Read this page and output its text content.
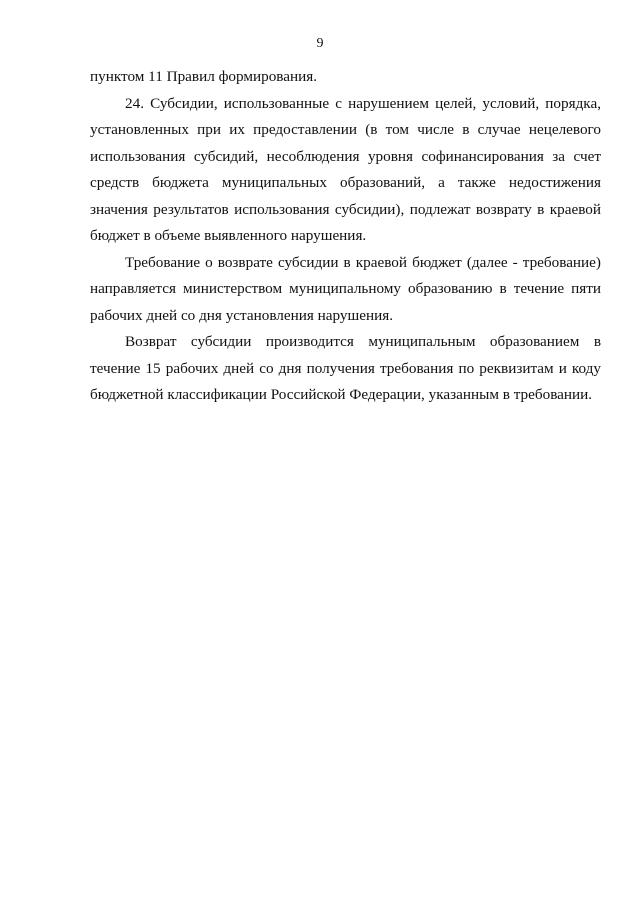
9

пунктом 11 Правил формирования.

24. Субсидии, использованные с нарушением целей, условий, порядка, установленных при их предоставлении (в том числе в случае нецелевого использования субсидий, несоблюдения уровня софинансирования за счет средств бюджета муниципальных образований, а также недостижения значения результатов использования субсидии), подлежат возврату в краевой бюджет в объеме выявленного нарушения.

Требование о возврате субсидии в краевой бюджет (далее - требование) направляется министерством муниципальному образованию в течение пяти рабочих дней со дня установления нарушения.

Возврат субсидии производится муниципальным образованием в течение 15 рабочих дней со дня получения требования по реквизитам и коду бюджетной классификации Российской Федерации, указанным в требовании.
